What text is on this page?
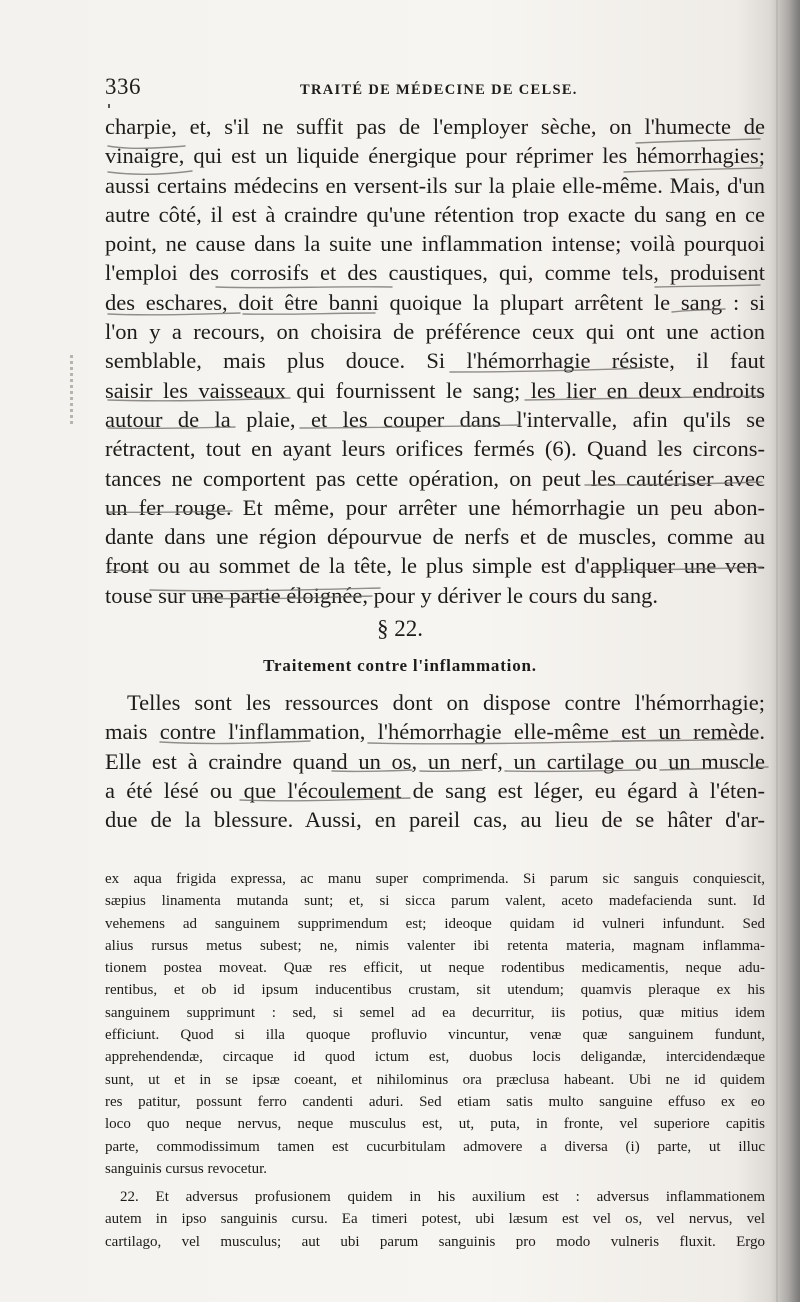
336	TRAITÉ DE MÉDECINE DE CELSE.
charpie, et, s'il ne suffit pas de l'employer sèche, on l'humecte de
vinaigre, qui est un liquide énergique pour réprimer les hémorrhagies;
aussi certains médecins en versent-ils sur la plaie elle-même. Mais, d'un
autre côté, il est à craindre qu'une rétention trop exacte du sang en ce
point, ne cause dans la suite une inflammation intense; voilà pourquoi
l'emploi des corrosifs et des caustiques, qui, comme tels, produisent
des eschares, doit être banni quoique la plupart arrêtent le sang : si
l'on y a recours, on choisira de préférence ceux qui ont une action
semblable, mais plus douce. Si l'hémorrhagie résiste, il faut
saisir les vaisseaux qui fournissent le sang; les lier en deux endroits
autour de la plaie, et les couper dans l'intervalle, afin qu'ils se
rétractent, tout en ayant leurs orifices fermés (6). Quand les circons-
tances ne comportent pas cette opération, on peut les cautériser avec
un fer rouge. Et même, pour arrêter une hémorrhagie un peu abon-
dante dans une région dépourvue de nerfs et de muscles, comme au
front ou au sommet de la tête, le plus simple est d'appliquer une ven-
touse sur une partie éloignée, pour y dériver le cours du sang.
§ 22.
Traitement contre l'inflammation.
Telles sont les ressources dont on dispose contre l'hémorrhagie;
mais contre l'inflammation, l'hémorrhagie elle-même est un remède.
Elle est à craindre quand un os, un nerf, un cartilage ou un muscle
a été lésé ou que l'écoulement de sang est léger, eu égard à l'éten-
due de la blessure. Aussi, en pareil cas, au lieu de se hâter d'ar-
ex aqua frigida expressa, ac manu super comprimenda. Si parum sic sanguis conquiescit,
sæpius linamenta mutanda sunt; et, si sicca parum valent, aceto madefacienda sunt. Id
vehemens ad sanguinem supprimendum est; ideoque quidam id vulneri infundunt. Sed
alius rursus metus subest; ne, nimis valenter ibi retenta materia, magnam inflamma-
tionem postea moveat. Quæ res efficit, ut neque rodentibus medicamentis, neque adu-
rentibus, et ob id ipsum inducentibus crustam, sit utendum; quamvis pleraque ex his
sanguinem supprimunt : sed, si semel ad ea decurritur, iis potius, quæ mitius idem
efficiunt. Quod si illa quoque profluvio vincuntur, venæ quæ sanguinem fundunt,
apprehendendæ, circaque id quod ictum est, duobus locis deligandæ, intercidendæque
sunt, ut et in se ipsæ coeant, et nihilominus ora præclusa habeant. Ubi ne id quidem
res patitur, possunt ferro candenti aduri. Sed etiam satis multo sanguine effuso ex eo
loco quo neque nervus, neque musculus est, ut, puta, in fronte, vel superiore capitis
parte, commodissimum tamen est cucurbitulam admovere a diversa (i) parte, ut illuc
sanguinis cursus revocetur.
22. Et adversus profusionem quidem in his auxilium est : adversus inflammationem
autem in ipso sanguinis cursu. Ea timeri potest, ubi læsum est vel os, vel nervus, vel
cartilago, vel musculus; aut ubi parum sanguinis pro modo vulneris fluxit. Ergo
